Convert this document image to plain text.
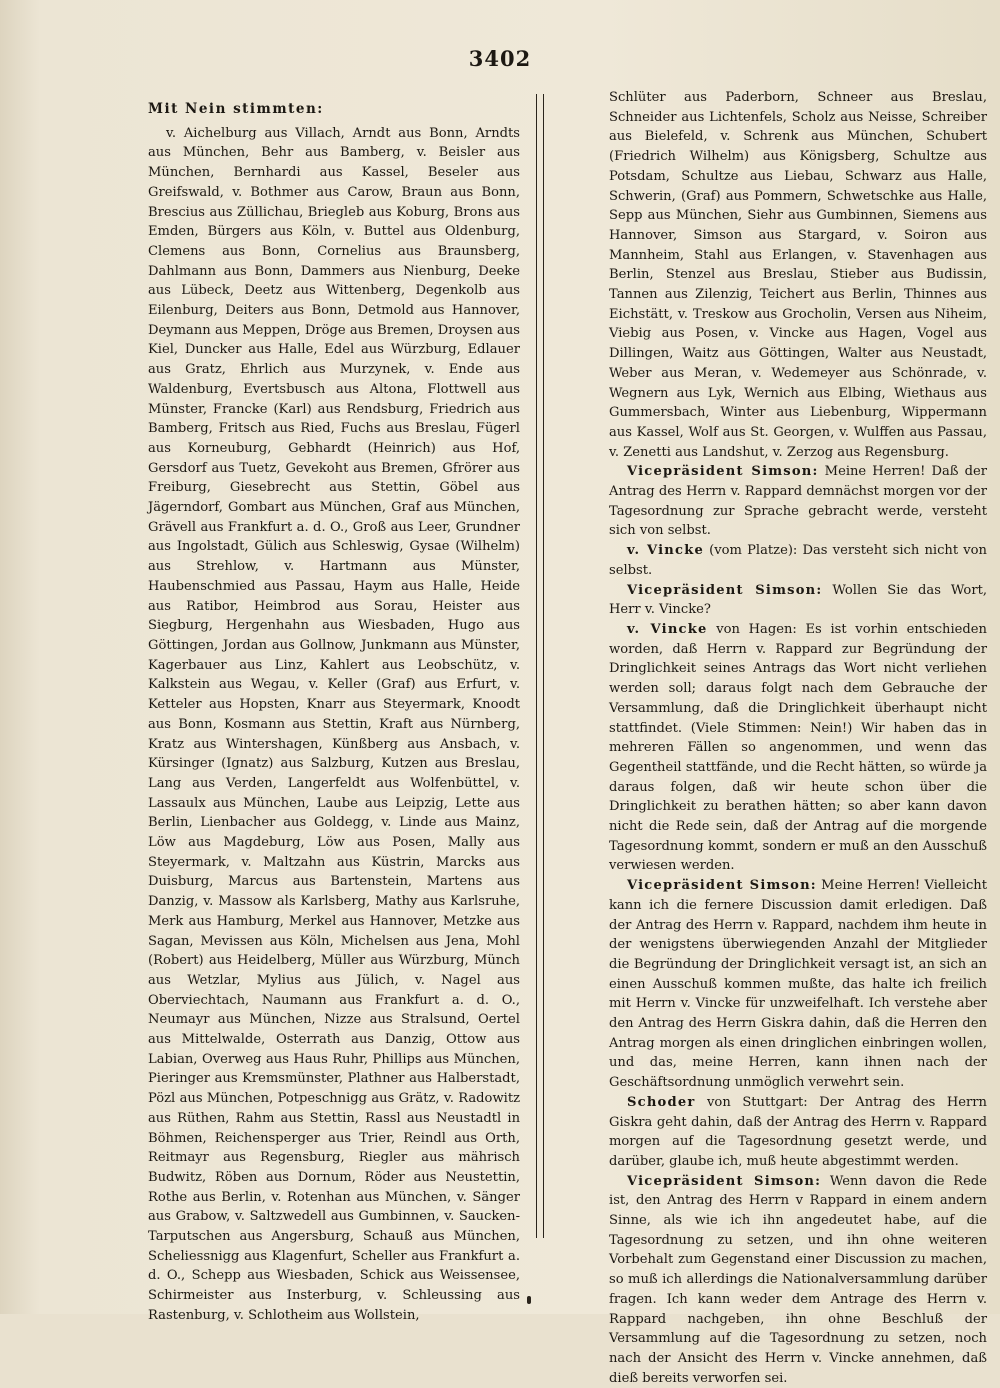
3402

Mit Nein stimmten:

v. Aichelburg aus Villach, Arndt aus Bonn, Arndts aus München, Behr aus Bamberg, v. Beisler aus München, Bernhardi aus Kassel, Beseler aus Greifswald, v. Bothmer aus Carow, Braun aus Bonn, Brescius aus Züllichau, Briegleb aus Koburg, Brons aus Emden, Bürgers aus Köln, v. Buttel aus Oldenburg, Clemens aus Bonn, Cornelius aus Braunsberg, Dahlmann aus Bonn, Dammers aus Nienburg, Deeke aus Lübeck, Deetz aus Wittenberg, Degenkolb aus Eilenburg, Deiters aus Bonn, Detmold aus Hannover, Deymann aus Meppen, Dröge aus Bremen, Droysen aus Kiel, Duncker aus Halle, Edel aus Würzburg, Edlauer aus Gratz, Ehrlich aus Murzynek, v. Ende aus Waldenburg, Evertsbusch aus Altona, Flottwell aus Münster, Francke (Karl) aus Rendsburg, Friedrich aus Bamberg, Fritsch aus Ried, Fuchs aus Breslau, Fügerl aus Korneuburg, Gebhardt (Heinrich) aus Hof, Gersdorf aus Tuetz, Gevekoht aus Bremen, Gfrörer aus Freiburg, Giesebrecht aus Stettin, Göbel aus Jägerndorf, Gombart aus München, Graf aus München, Grävell aus Frankfurt a. d. O., Groß aus Leer, Grundner aus Ingolstadt, Gülich aus Schleswig, Gysae (Wilhelm) aus Strehlow, v. Hartmann aus Münster, Haubenschmied aus Passau, Haym aus Halle, Heide aus Ratibor, Heimbrod aus Sorau, Heister aus Siegburg, Hergenhahn aus Wiesbaden, Hugo aus Göttingen, Jordan aus Gollnow, Junkmann aus Münster, Kagerbauer aus Linz, Kahlert aus Leobschütz, v. Kalkstein aus Wegau, v. Keller (Graf) aus Erfurt, v. Ketteler aus Hopsten, Knarr aus Steyermark, Knoodt aus Bonn, Kosmann aus Stettin, Kraft aus Nürnberg, Kratz aus Wintershagen, Künßberg aus Ansbach, v. Kürsinger (Ignatz) aus Salzburg, Kutzen aus Breslau, Lang aus Verden, Langerfeldt aus Wolfenbüttel, v. Lassaulx aus München, Laube aus Leipzig, Lette aus Berlin, Lienbacher aus Goldegg, v. Linde aus Mainz, Löw aus Magdeburg, Löw aus Posen, Mally aus Steyermark, v. Maltzahn aus Küstrin, Marcks aus Duisburg, Marcus aus Bartenstein, Martens aus Danzig, v. Massow als Karlsberg, Mathy aus Karlsruhe, Merk aus Hamburg, Merkel aus Hannover, Metzke aus Sagan, Mevissen aus Köln, Michelsen aus Jena, Mohl (Robert) aus Heidelberg, Müller aus Würzburg, Münch aus Wetzlar, Mylius aus Jülich, v. Nagel aus Oberviechtach, Naumann aus Frankfurt a. d. O., Neumayr aus München, Nizze aus Stralsund, Oertel aus Mittelwalde, Osterrath aus Danzig, Ottow aus Labian, Overweg aus Haus Ruhr, Phillips aus München, Pieringer aus Kremsmünster, Plathner aus Halberstadt, Pözl aus München, Potpeschnigg aus Grätz, v. Radowitz aus Rüthen, Rahm aus Stettin, Rassl aus Neustadtl in Böhmen, Reichensperger aus Trier, Reindl aus Orth, Reitmayr aus Regensburg, Riegler aus mährisch Budwitz, Röben aus Dornum, Röder aus Neustettin, Rothe aus Berlin, v. Rotenhan aus München, v. Sänger aus Grabow, v. Saltzwedell aus Gumbinnen, v. Saucken-Tarputschen aus Angersburg, Schauß aus München, Scheliessnigg aus Klagenfurt, Scheller aus Frankfurt a. d. O., Schepp aus Wiesbaden, Schick aus Weissensee, Schirmeister aus Insterburg, v. Schleussing aus Rastenburg, v. Schlotheim aus Wollstein,

Schlüter aus Paderborn, Schneer aus Breslau, Schneider aus Lichtenfels, Scholz aus Neisse, Schreiber aus Bielefeld, v. Schrenk aus München, Schubert (Friedrich Wilhelm) aus Königsberg, Schultze aus Potsdam, Schultze aus Liebau, Schwarz aus Halle, Schwerin, (Graf) aus Pommern, Schwetschke aus Halle, Sepp aus München, Siehr aus Gumbinnen, Siemens aus Hannover, Simson aus Stargard, v. Soiron aus Mannheim, Stahl aus Erlangen, v. Stavenhagen aus Berlin, Stenzel aus Breslau, Stieber aus Budissin, Tannen aus Zilenzig, Teichert aus Berlin, Thinnes aus Eichstätt, v. Treskow aus Grocholin, Versen aus Niheim, Viebig aus Posen, v. Vincke aus Hagen, Vogel aus Dillingen, Waitz aus Göttingen, Walter aus Neustadt, Weber aus Meran, v. Wedemeyer aus Schönrade, v. Wegnern aus Lyk, Wernich aus Elbing, Wiethaus aus Gummersbach, Winter aus Liebenburg, Wippermann aus Kassel, Wolf aus St. Georgen, v. Wulffen aus Passau, v. Zenetti aus Landshut, v. Zerzog aus Regensburg.

Vicepräsident Simson: Meine Herren! Daß der Antrag des Herrn v. Rappard demnächst morgen vor der Tagesordnung zur Sprache gebracht werde, versteht sich von selbst.

v. Vincke (vom Platze): Das versteht sich nicht von selbst.

Vicepräsident Simson: Wollen Sie das Wort, Herr v. Vincke?

v. Vincke von Hagen: Es ist vorhin entschieden worden, daß Herrn v. Rappard zur Begründung der Dringlichkeit seines Antrags das Wort nicht verliehen werden soll; daraus folgt nach dem Gebrauche der Versammlung, daß die Dringlichkeit überhaupt nicht stattfindet. (Viele Stimmen: Nein!) Wir haben das in mehreren Fällen so angenommen, und wenn das Gegentheil stattfände, und die Recht hätten, so würde ja daraus folgen, daß wir heute schon über die Dringlichkeit zu berathen hätten; so aber kann davon nicht die Rede sein, daß der Antrag auf die morgende Tagesordnung kommt, sondern er muß an den Ausschuß verwiesen werden.

Vicepräsident Simson: Meine Herren! Vielleicht kann ich die fernere Discussion damit erledigen. Daß der Antrag des Herrn v. Rappard, nachdem ihm heute in der wenigstens überwiegenden Anzahl der Mitglieder die Begründung der Dringlichkeit versagt ist, an sich an einen Ausschuß kommen mußte, das halte ich freilich mit Herrn v. Vincke für unzweifelhaft. Ich verstehe aber den Antrag des Herrn Giskra dahin, daß die Herren den Antrag morgen als einen dringlichen einbringen wollen, und das, meine Herren, kann ihnen nach der Geschäftsordnung unmöglich verwehrt sein.

Schoder von Stuttgart: Der Antrag des Herrn Giskra geht dahin, daß der Antrag des Herrn v. Rappard morgen auf die Tagesordnung gesetzt werde, und darüber, glaube ich, muß heute abgestimmt werden.

Vicepräsident Simson: Wenn davon die Rede ist, den Antrag des Herrn v Rappard in einem andern Sinne, als wie ich ihn angedeutet habe, auf die Tagesordnung zu setzen, und ihn ohne weiteren Vorbehalt zum Gegenstand einer Discussion zu machen, so muß ich allerdings die Nationalversammlung darüber fragen. Ich kann weder dem Antrage des Herrn v. Rappard nachgeben, ihn ohne Beschluß der Versammlung auf die Tagesordnung zu setzen, noch nach der Ansicht des Herrn v. Vincke annehmen, daß dieß bereits verworfen sei.
